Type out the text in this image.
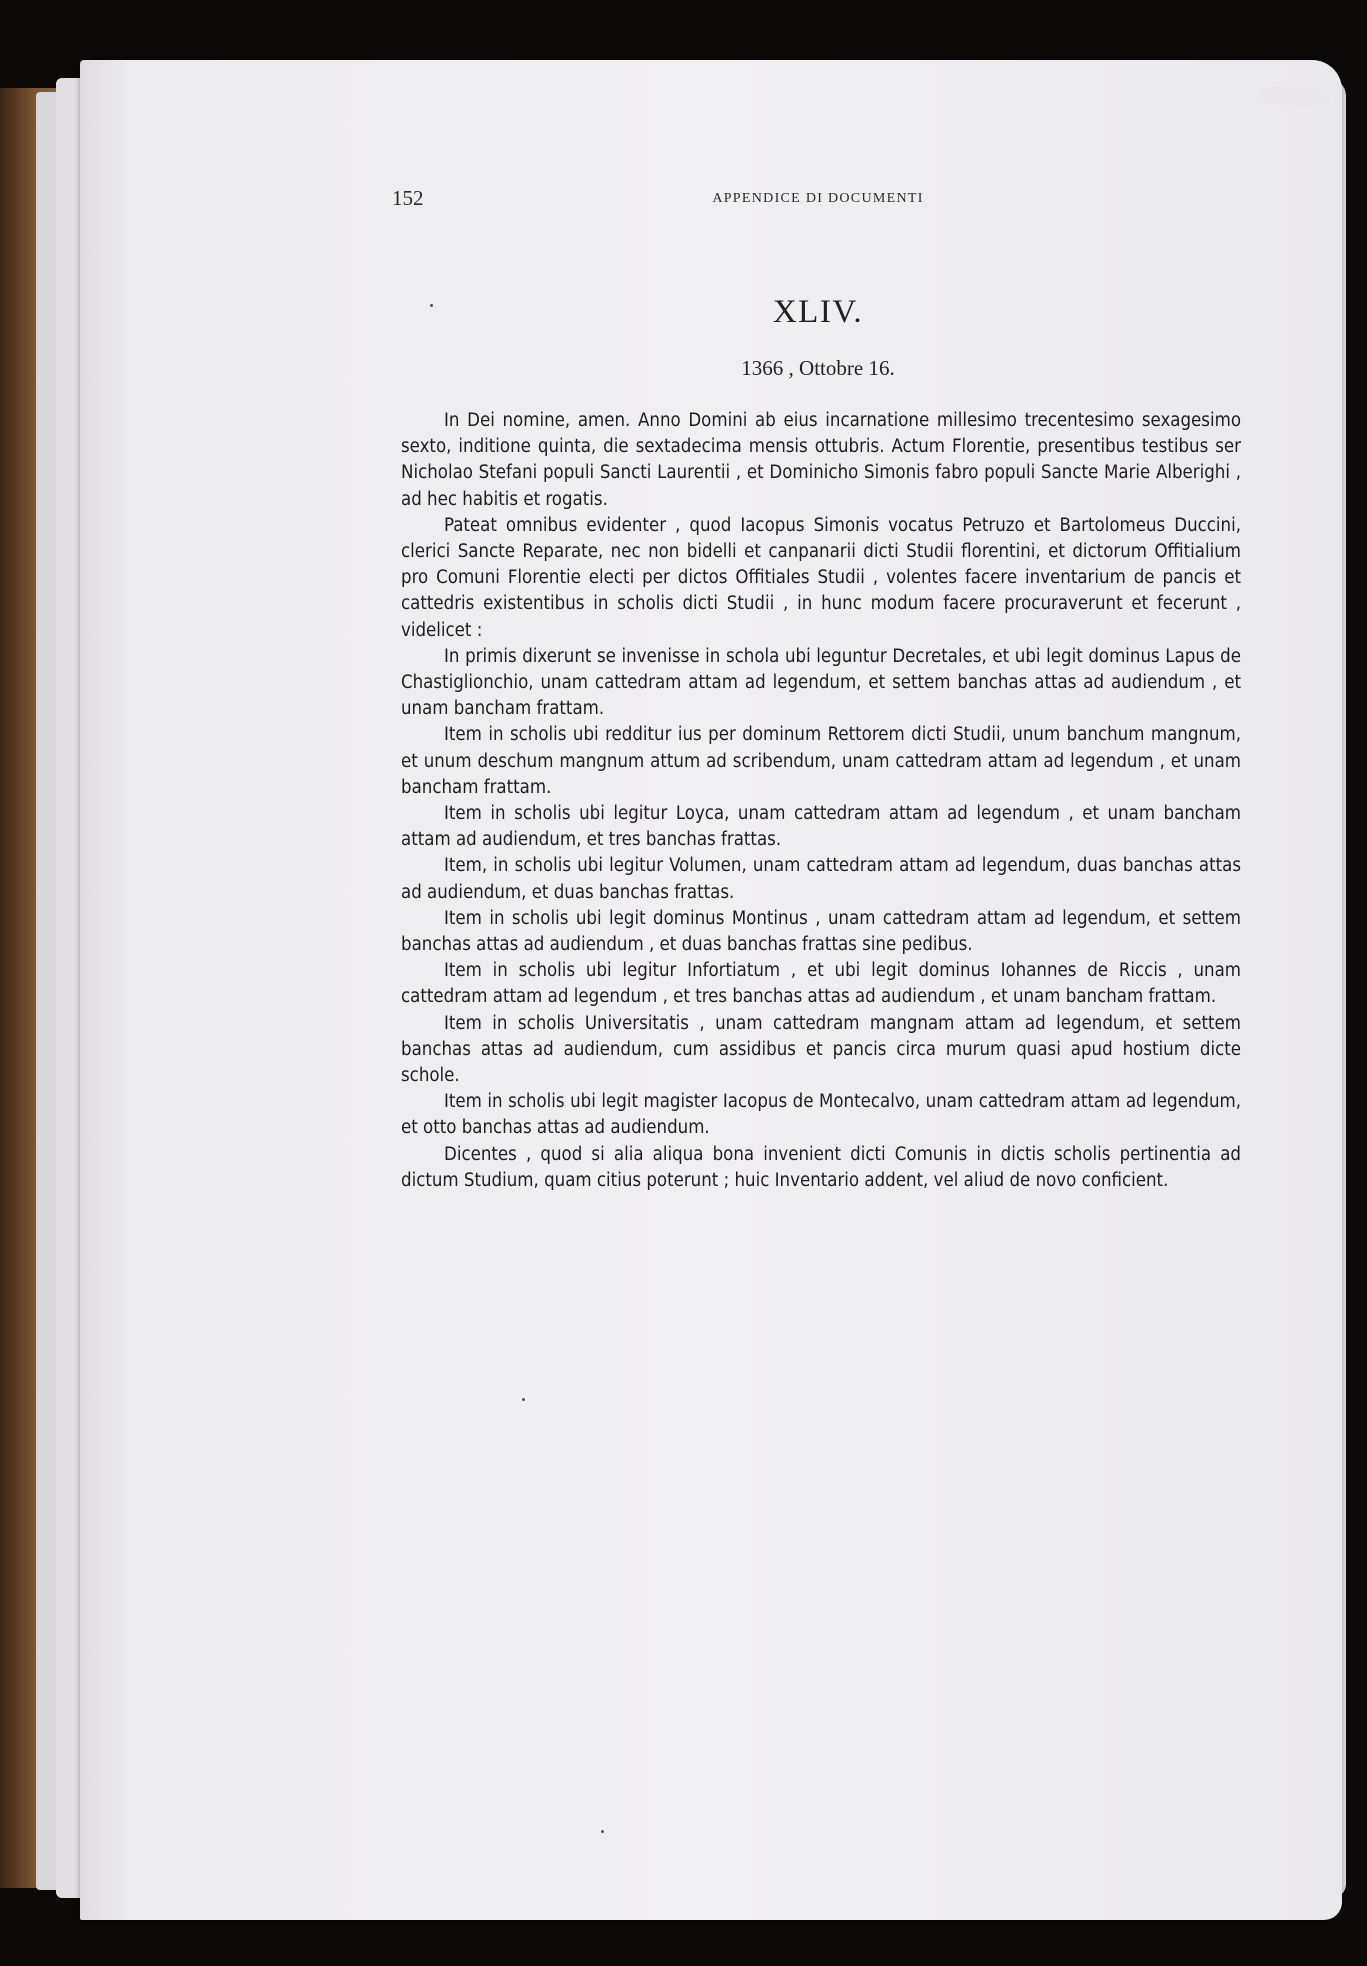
152	APPENDICE DI DOCUMENTI
XLIV.
1366 , Ottobre 16.

In Dei nomine, amen. Anno Domini ab eius incarnatione millesimo trecentesimo sexagesimo sexto, inditione quinta, die sextadecima mensis ottubris. Actum Florentie, presentibus testibus ser Nicholao Stefani populi Sancti Laurentii , et Dominicho Simonis fabro populi Sancte Marie Alberighi , ad hec habitis et rogatis.

Pateat omnibus evidenter , quod Iacopus Simonis vocatus Petruzo et Bartolomeus Duccini, clerici Sancte Reparate, nec non bidelli et canpanarii dicti Studii florentini, et dictorum Offitialium pro Comuni Florentie electi per dictos Offitiales Studii , volentes facere inventarium de pancis et cattedris existentibus in scholis dicti Studii , in hunc modum facere procuraverunt et fecerunt , videlicet :

In primis dixerunt se invenisse in schola ubi leguntur Decretales, et ubi legit dominus Lapus de Chastiglionchio, unam cattedram attam ad legendum, et settem banchas attas ad audiendum , et unam bancham frattam.

Item in scholis ubi redditur ius per dominum Rettorem dicti Studii, unum banchum mangnum, et unum deschum mangnum attum ad scribendum, unam cattedram attam ad legendum , et unam bancham frattam.

Item in scholis ubi legitur Loyca, unam cattedram attam ad legendum , et unam bancham attam ad audiendum, et tres banchas frattas.

Item, in scholis ubi legitur Volumen, unam cattedram attam ad legendum, duas banchas attas ad audiendum, et duas banchas frattas.

Item in scholis ubi legit dominus Montinus , unam cattedram attam ad legendum, et settem banchas attas ad audiendum , et duas banchas frattas sine pedibus.

Item in scholis ubi legitur Infortiatum , et ubi legit dominus Iohannes de Riccis , unam cattedram attam ad legendum , et tres banchas attas ad audiendum , et unam bancham frattam.

Item in scholis Universitatis , unam cattedram mangnam attam ad legendum, et settem banchas attas ad audiendum, cum assidibus et pancis circa murum quasi apud hostium dicte schole.

Item in scholis ubi legit magister Iacopus de Montecalvo, unam cattedram attam ad legendum, et otto banchas attas ad audiendum.

Dicentes , quod si alia aliqua bona invenient dicti Comunis in dictis scholis pertinentia ad dictum Studium, quam citius poterunt ; huic Inventario addent, vel aliud de novo conficient.
